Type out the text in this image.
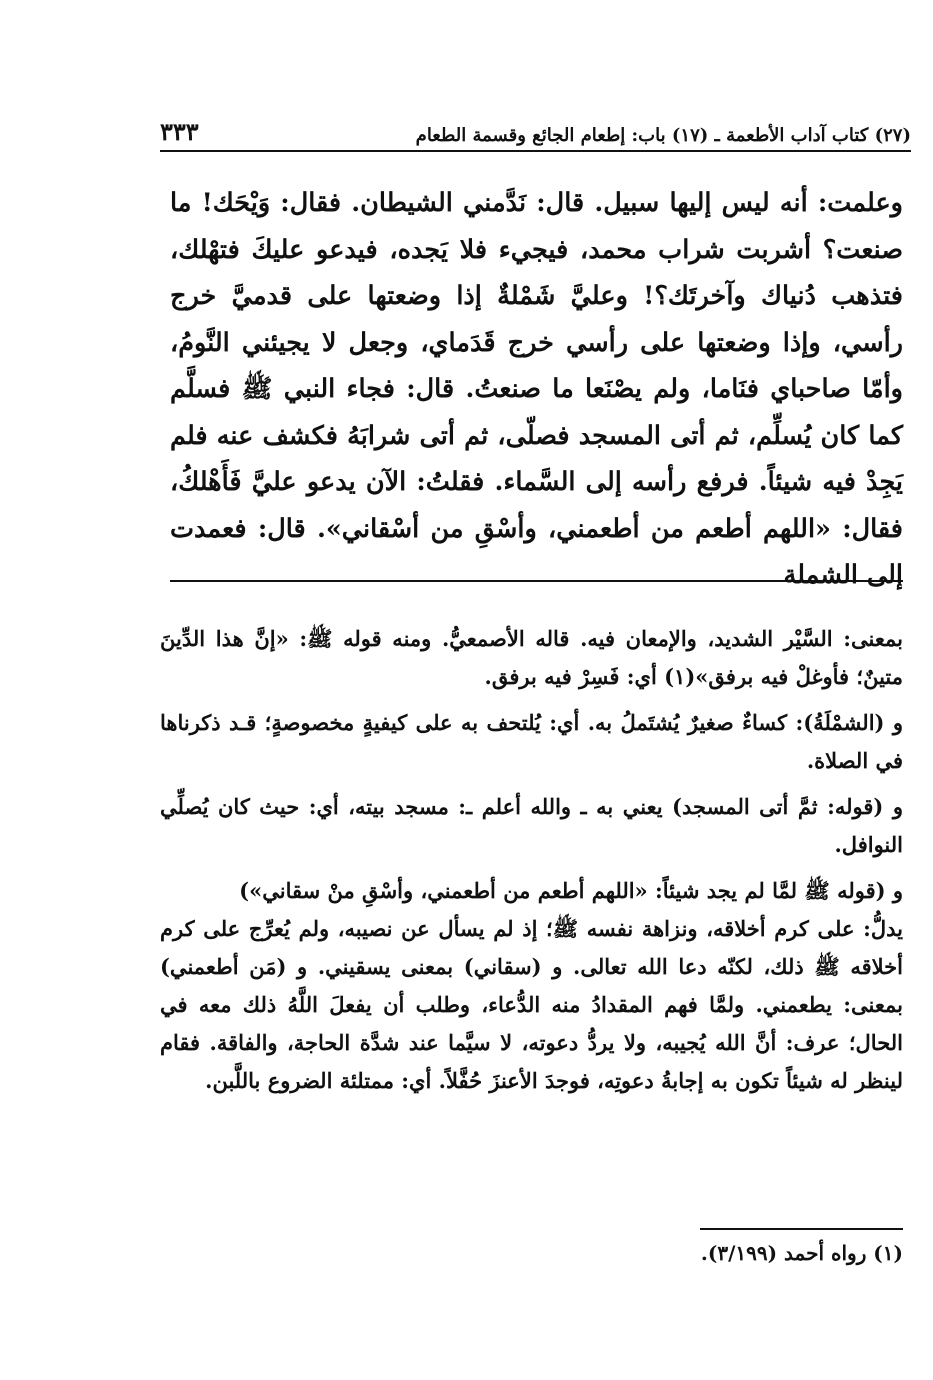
(٢٧) كتاب آداب الأطعمة ـ (١٧) باب: إطعام الجائع وقسمة الطعام
٣٣٣

وعلمت: أنه ليس إليها سبيل. قال: نَدَّمني الشيطان. فقال: وَيْحَك! ما صنعت؟ أشربت شراب محمد، فيجيء فلا يَجده، فيدعو عليكَ فتهْلك، فتذهب دُنياك وآخرتَك؟! وعليَّ شَمْلةٌ إذا وضعتها على قدميَّ خرج رأسي، وإذا وضعتها على رأسي خرج قَدَماي، وجعل لا يجيئني النَّومُ، وأمّا صاحباي فنَاما، ولم يصْنَعا ما صنعتُ. قال: فجاء النبي ﷺ فسلَّم كما كان يُسلِّم، ثم أتى المسجد فصلّى، ثم أتى شرابَهُ فكشف عنه فلم يَجِدْ فيه شيئاً. فرفع رأسه إلى السَّماء. فقلتُ: الآن يدعو عليَّ فَأَهْلكُ، فقال: «اللهم أطعم من أطعمني، وأسْقِ من أسْقاني». قال: فعمدت إلى الشملة

بمعنى: السَّيْر الشديد، والإمعان فيه. قاله الأصمعيُّ. ومنه قوله ﷺ: «إنَّ هذا الدِّينَ متينٌ؛ فأوغلْ فيه برفق»(١) أي: فَسِرْ فيه برفق.

و (الشمْلَةُ): كساءٌ صغيرٌ يُشتَملُ به. أي: يُلتحف به على كيفيةٍ مخصوصةٍ؛ قـد ذكرناها في الصلاة.

و (قوله: ثمَّ أتى المسجد) يعني به ـ والله أعلم ـ: مسجد بيته، أي: حيث كان يُصلِّي النوافل.

و (قوله ﷺ لمَّا لم يجد شيئاً: «اللهم أطعم من أطعمني، وأسْقِ منْ سقاني»)

يدلُّ: على كرم أخلاقه، ونزاهة نفسه ﷺ؛ إذ لم يسأل عن نصيبه، ولم يُعرِّج على كرم أخلاقه ﷺ ذلك، لكنّه دعا الله تعالى. و (سقاني) بمعنى يسقيني. و (مَن أطعمني) بمعنى: يطعمني. ولمَّا فهم المقدادُ منه الدُّعاء، وطلب أن يفعلَ اللَّهُ ذلك معه في الحال؛ عرف: أنَّ الله يُجيبه، ولا يردُّ دعوته، لا سيَّما عند شدَّة الحاجة، والفاقة. فقام لينظر له شيئاً تكون به إجابةُ دعوتِه، فوجدَ الأعنزَ حُفَّلاً. أي: ممتلئة الضروع باللَّبن.

(١) رواه أحمد (٣/١٩٩).
